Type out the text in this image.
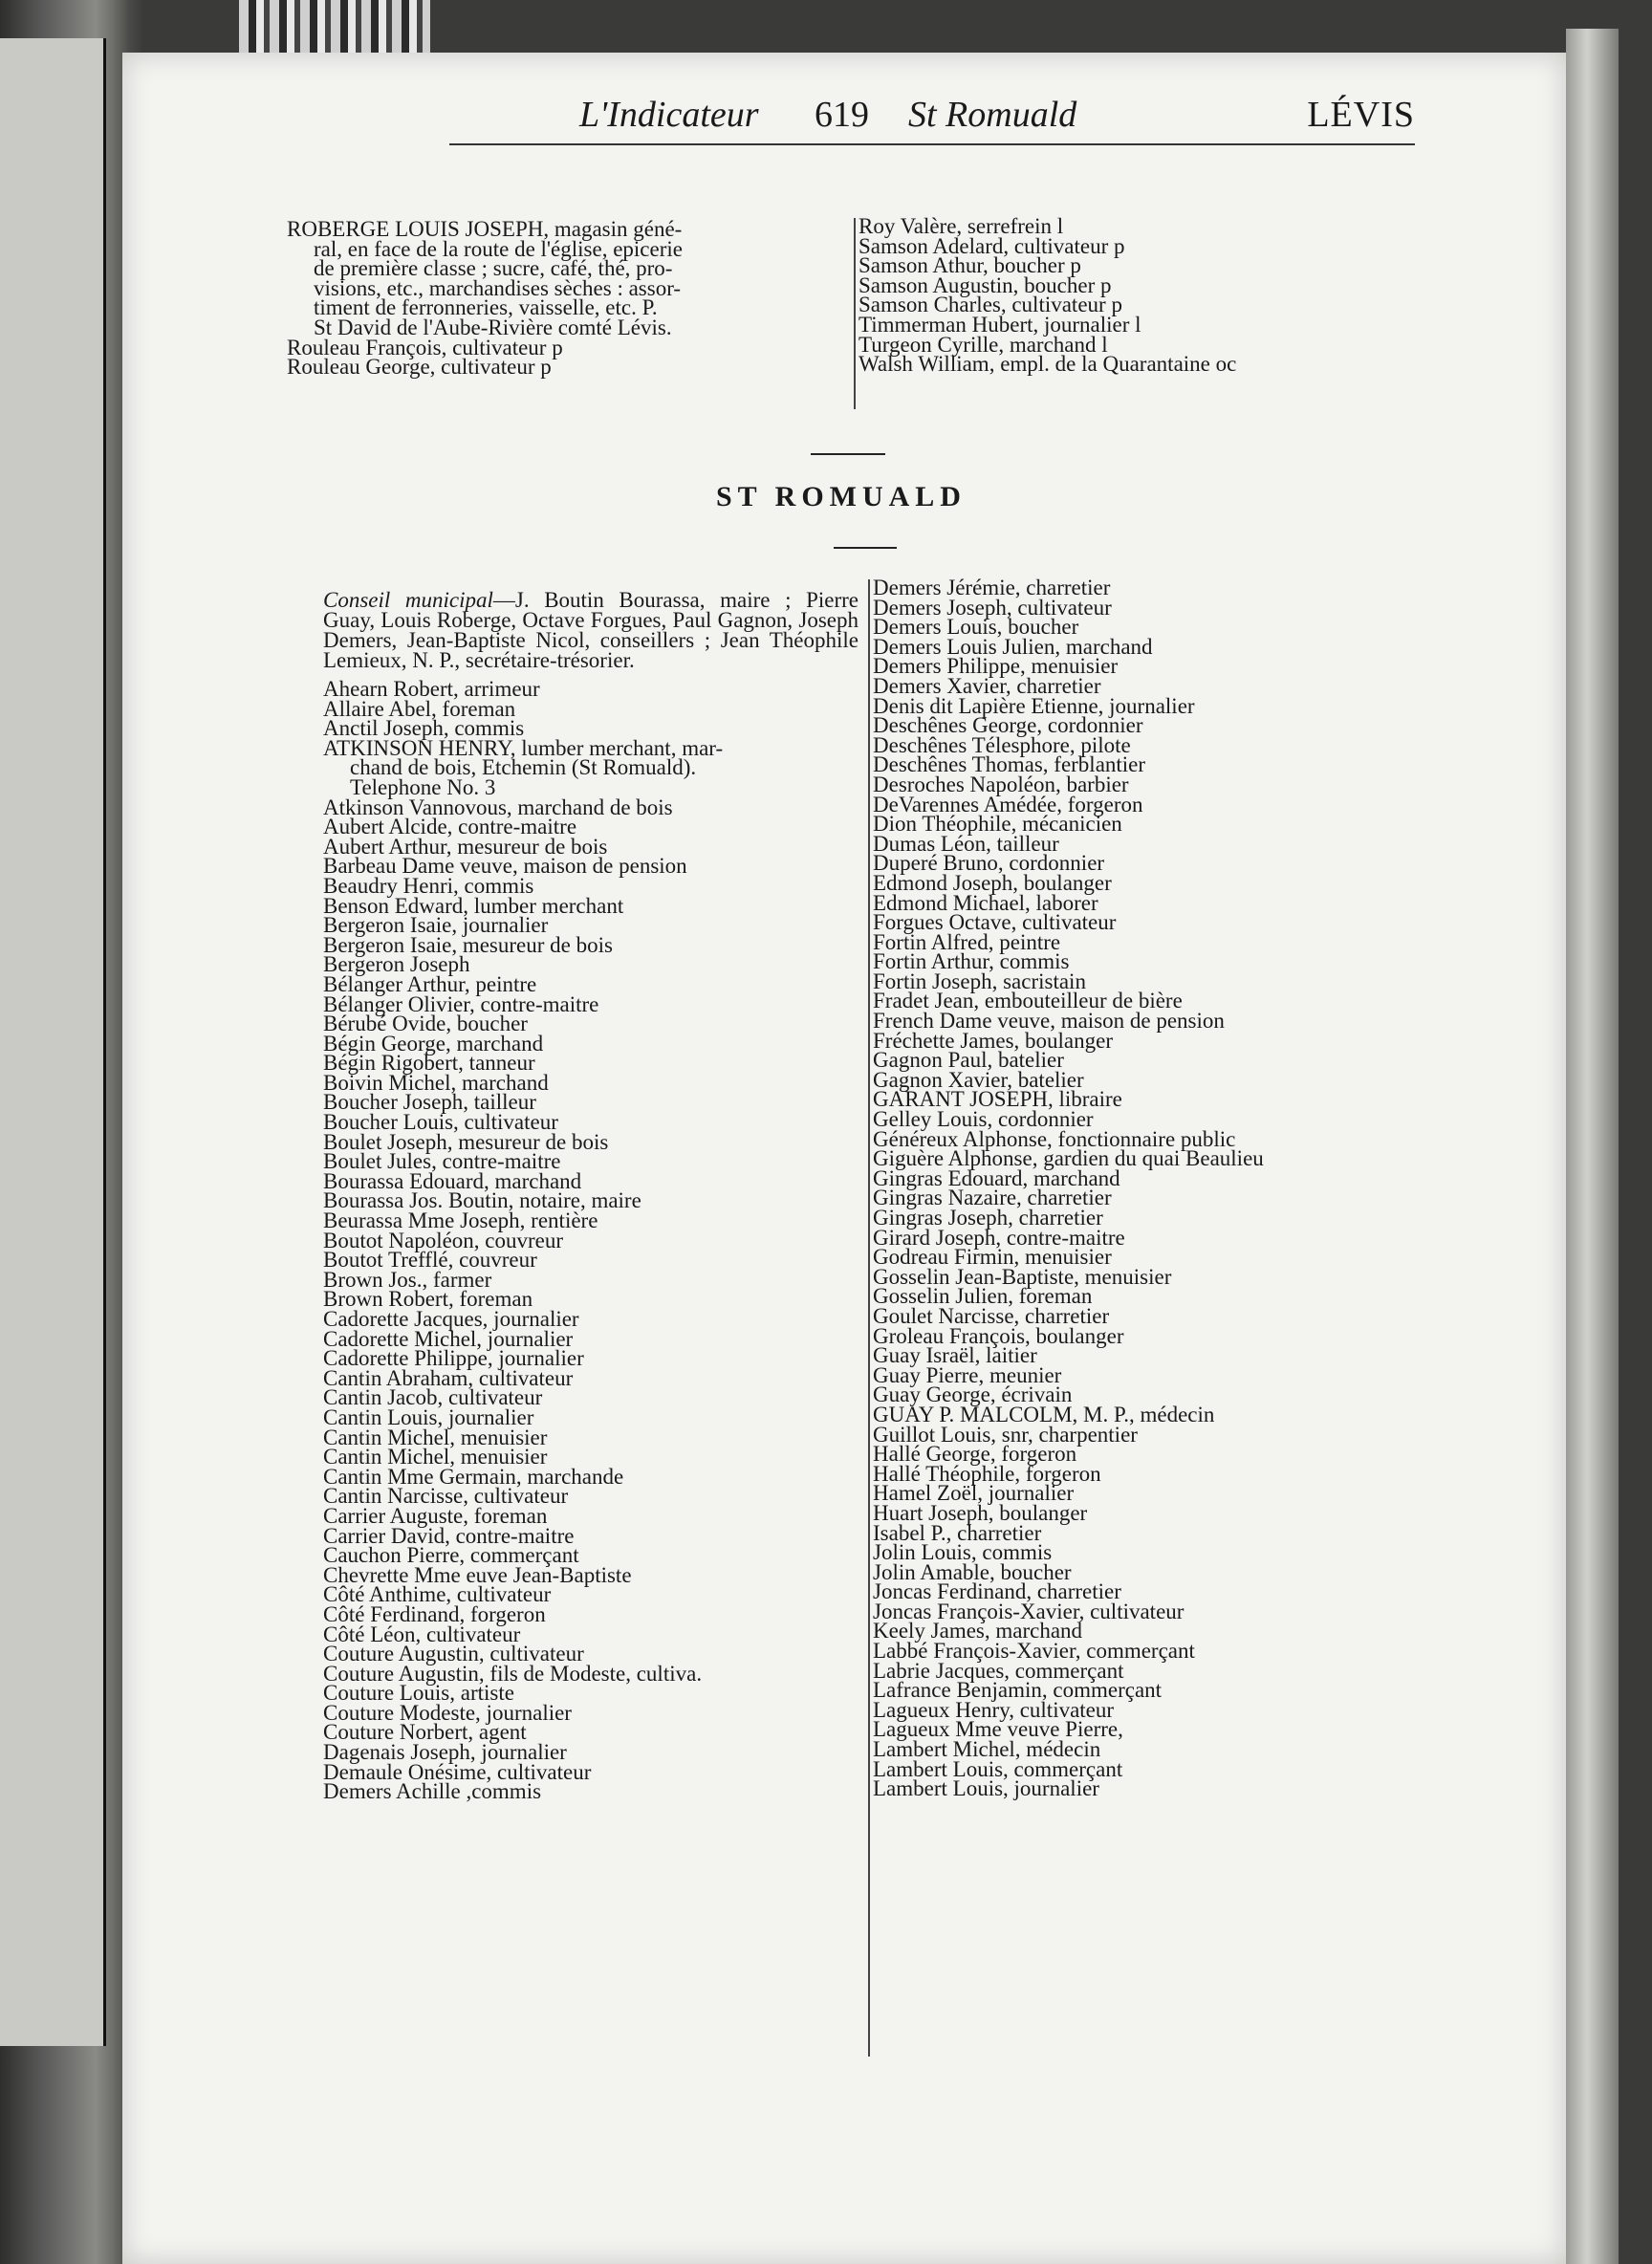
L'Indicateur 619 St Romuald	LÉVIS
ROBERGE LOUIS JOSEPH, magasin géné-
ral, en face de la route de l'église, epicerie
de première classe ; sucre, café, thé, pro-
visions, etc., marchandises sèches : assor-
timent de ferronneries, vaisselle, etc. P.
St David de l'Aube-Rivière comté Lévis.
Rouleau François, cultivateur p
Rouleau George, cultivateur p
Roy Valère, serrefrein l
Samson Adelard, cultivateur p
Samson Athur, boucher p
Samson Augustin, boucher p
Samson Charles, cultivateur p
Timmerman Hubert, journalier l
Turgeon Cyrille, marchand l
Walsh William, empl. de la Quarantaine oc
ST ROMUALD
Conseil municipal—J. Boutin Bourassa, maire ; Pierre Guay, Louis Roberge, Octave Forgues, Paul Gagnon, Joseph Demers, Jean-Baptiste Nicol, conseillers ; Jean Théophile Lemieux, N. P., secrétaire-trésorier.
Ahearn Robert, arrimeur
Allaire Abel, foreman
Anctil Joseph, commis
ATKINSON HENRY, lumber merchant, mar-
chand de bois, Etchemin (St Romuald).
Telephone No. 3
Atkinson Vannovous, marchand de bois
Aubert Alcide, contre-maitre
Aubert Arthur, mesureur de bois
Barbeau Dame veuve, maison de pension
Beaudry Henri, commis
Benson Edward, lumber merchant
Bergeron Isaie, journalier
Bergeron Isaie, mesureur de bois
Bergeron Joseph
Bélanger Arthur, peintre
Bélanger Olivier, contre-maitre
Bérubé Ovide, boucher
Bégin George, marchand
Bégin Rigobert, tanneur
Boivin Michel, marchand
Boucher Joseph, tailleur
Boucher Louis, cultivateur
Boulet Joseph, mesureur de bois
Boulet Jules, contre-maitre
Bourassa Edouard, marchand
Bourassa Jos. Boutin, notaire, maire
Beurassa Mme Joseph, rentière
Boutot Napoléon, couvreur
Boutot Trefflé, couvreur
Brown Jos., farmer
Brown Robert, foreman
Cadorette Jacques, journalier
Cadorette Michel, journalier
Cadorette Philippe, journalier
Cantin Abraham, cultivateur
Cantin Jacob, cultivateur
Cantin Louis, journalier
Cantin Michel, menuisier
Cantin Michel, menuisier
Cantin Mme Germain, marchande
Cantin Narcisse, cultivateur
Carrier Auguste, foreman
Carrier David, contre-maitre
Cauchon Pierre, commerçant
Chevrette Mme euve Jean-Baptiste
Côté Anthime, cultivateur
Côté Ferdinand, forgeron
Côté Léon, cultivateur
Couture Augustin, cultivateur
Couture Augustin, fils de Modeste, cultiva.
Couture Louis, artiste
Couture Modeste, journalier
Couture Norbert, agent
Dagenais Joseph, journalier
Demaule Onésime, cultivateur
Demers Achille ,commis
Demers Jérémie, charretier
Demers Joseph, cultivateur
Demers Louis, boucher
Demers Louis Julien, marchand
Demers Philippe, menuisier
Demers Xavier, charretier
Denis dit Lapière Etienne, journalier
Deschênes George, cordonnier
Deschênes Télesphore, pilote
Deschênes Thomas, ferblantier
Desroches Napoléon, barbier
DeVarennes Amédée, forgeron
Dion Théophile, mécanicien
Dumas Léon, tailleur
Duperé Bruno, cordonnier
Edmond Joseph, boulanger
Edmond Michael, laborer
Forgues Octave, cultivateur
Fortin Alfred, peintre
Fortin Arthur, commis
Fortin Joseph, sacristain
Fradet Jean, embouteilleur de bière
French Dame veuve, maison de pension
Fréchette James, boulanger
Gagnon Paul, batelier
Gagnon Xavier, batelier
GARANT JOSEPH, libraire
Gelley Louis, cordonnier
Généreux Alphonse, fonctionnaire public
Giguère Alphonse, gardien du quai Beaulieu
Gingras Edouard, marchand
Gingras Nazaire, charretier
Gingras Joseph, charretier
Girard Joseph, contre-maitre
Godreau Firmin, menuisier
Gosselin Jean-Baptiste, menuisier
Gosselin Julien, foreman
Goulet Narcisse, charretier
Groleau François, boulanger
Guay Israël, laitier
Guay Pierre, meunier
Guay George, écrivain
GUAY P. MALCOLM, M. P., médecin
Guillot Louis, snr, charpentier
Hallé George, forgeron
Hallé Théophile, forgeron
Hamel Zoël, journalier
Huart Joseph, boulanger
Isabel P., charretier
Jolin Louis, commis
Jolin Amable, boucher
Joncas Ferdinand, charretier
Joncas François-Xavier, cultivateur
Keely James, marchand
Labbé François-Xavier, commerçant
Labrie Jacques, commerçant
Lafrance Benjamin, commerçant
Lagueux Henry, cultivateur
Lagueux Mme veuve Pierre,
Lambert Michel, médecin
Lambert Louis, commerçant
Lambert Louis, journalier
